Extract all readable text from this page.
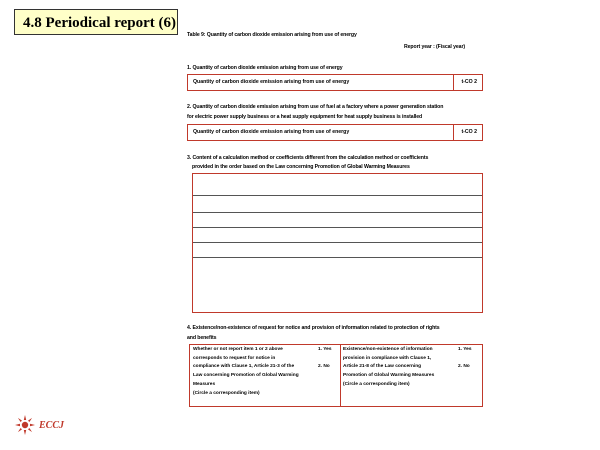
4.8 Periodical report (6)
Table 9: Quantity of carbon dioxide emission arising from use of energy
Report year : (Fiscal year)
1. Quantity of carbon dioxide emission arising from use of energy
Quantity of carbon dioxide emission arising from use of energy	t-CO 2
2. Quantity of carbon dioxide emission arising from use of fuel at a factory where a power generation station
for electric power supply business or a heat supply equipment for heat supply business is installed
Quantity of carbon dioxide emission arising from use of energy	t-CO 2
3. Content of a calculation method or coefficients different from the calculation method or coefficients
provided in the order based on the Law concerning Promotion of Global Warming Measures
4. Existence/non-existence of request for notice and provision of information related to protection of rights
and benefits
Whether or not report item 1 or 2 above
corresponds to request for notice in
compliance with Clause 1, Article 21-3 of the
Law concerning Promotion of Global Warming
Measures
(Circle a corresponding item)
1. Yes
2. No
Existence/non-existence of information
provision in compliance with Clause 1,
Article 21-8 of the Law concerning
Promotion of Global Warming Measures
(Circle a corresponding item)
1. Yes
2. No
ECCJ
